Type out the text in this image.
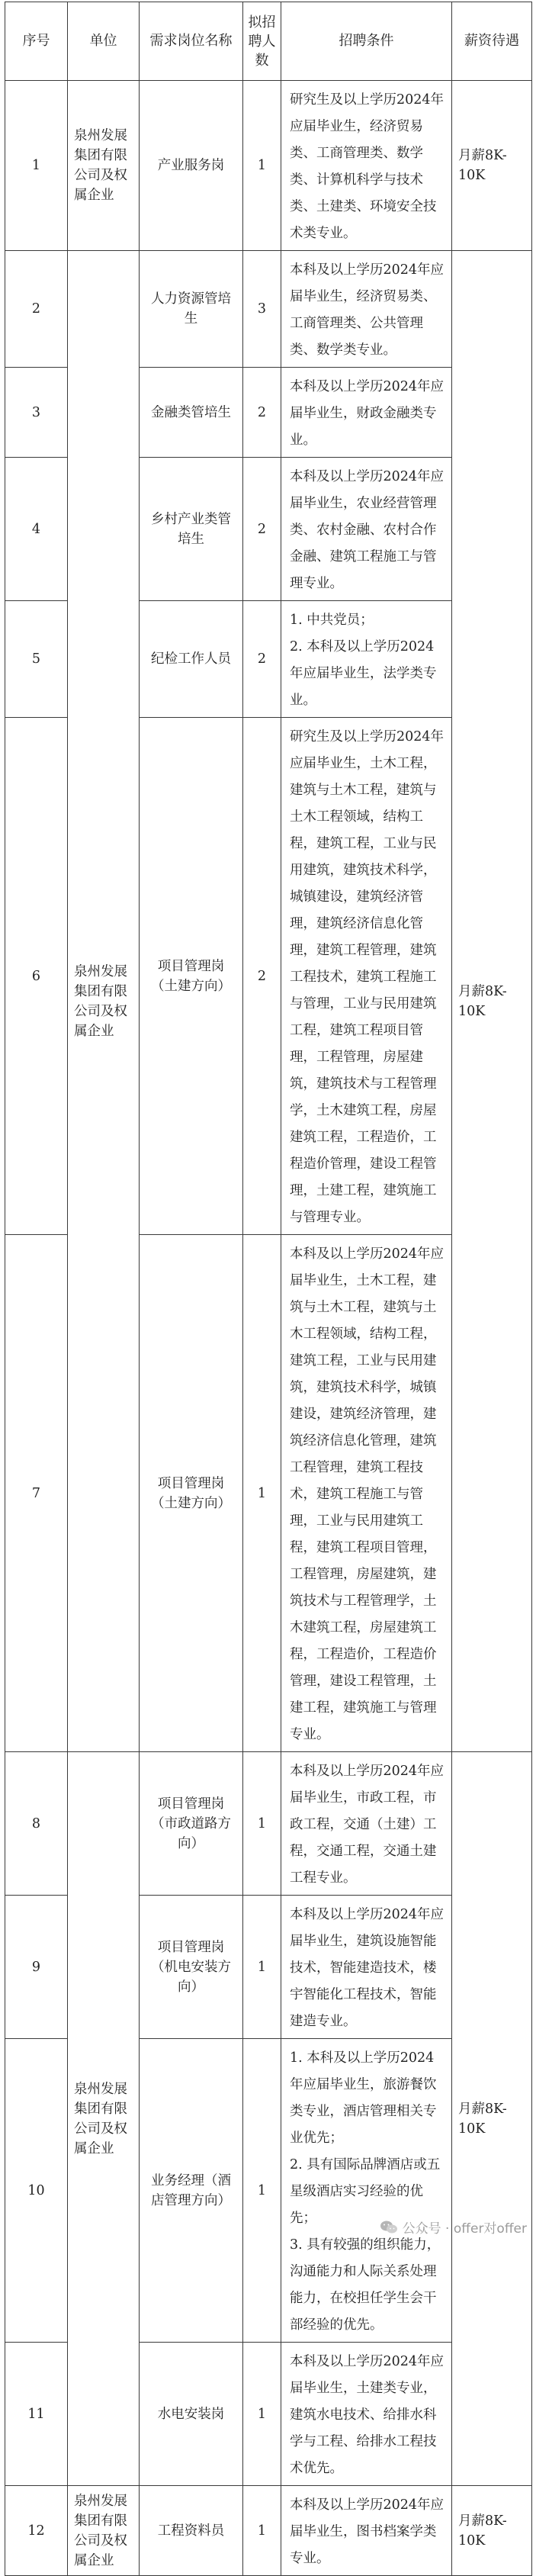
序号	单位	需求岗位名称	拟招聘人数	招聘条件	薪资待遇
1	泉州发展集团有限公司及权属企业	产业服务岗	1	研究生及以上学历2024年应届毕业生，经济贸易类、工商管理类、数学类、计算机科学与技术类、土建类、环境安全技术类专业。	月薪8K-10K

2	泉州发展集团有限公司及权属企业	人力资源管培生	3	本科及以上学历2024年应届毕业生，经济贸易类、工商管理类、公共管理类、数学类专业。	月薪8K-10K

3		金融类管培生	2	本科及以上学历2024年应届毕业生，财政金融类专业。	

4		乡村产业类管培生	2	本科及以上学历2024年应届毕业生，农业经营管理类、农村金融、农村合作金融、建筑工程施工与管理专业。	

5		纪检工作人员	2	1. 中共党员；
2. 本科及以上学历2024年应届毕业生，法学类专业。	

6		项目管理岗（土建方向）	2	研究生及以上学历2024年应届毕业生，土木工程，建筑与土木工程，建筑与土木工程领域，结构工程，建筑工程，工业与民用建筑，建筑技术科学，城镇建设，建筑经济管理，建筑经济信息化管理，建筑工程管理，建筑工程技术，建筑工程施工与管理，工业与民用建筑工程，建筑工程项目管理，工程管理，房屋建筑，建筑技术与工程管理学，土木建筑工程，房屋建筑工程，工程造价，工程造价管理，建设工程管理，土建工程，建筑施工与管理专业。	

7		项目管理岗（土建方向）	1	本科及以上学历2024年应届毕业生，土木工程，建筑与土木工程，建筑与土木工程领域，结构工程，建筑工程，工业与民用建筑，建筑技术科学，城镇建设，建筑经济管理，建筑经济信息化管理，建筑工程管理，建筑工程技术，建筑工程施工与管理，工业与民用建筑工程，建筑工程项目管理，工程管理，房屋建筑，建筑技术与工程管理学，土木建筑工程，房屋建筑工程，工程造价，工程造价管理，建设工程管理，土建工程，建筑施工与管理专业。	

8	泉州发展集团有限公司及权属企业	项目管理岗（市政道路方向）	1	本科及以上学历2024年应届毕业生，市政工程，市政工程，交通（土建）工程，交通工程，交通土建工程专业。	月薪8K-10K

9		项目管理岗（机电安装方向）	1	本科及以上学历2024年应届毕业生，建筑设施智能技术，智能建造技术，楼宇智能化工程技术，智能建造专业。	

10		业务经理（酒店管理方向）	1	1. 本科及以上学历2024年应届毕业生，旅游餐饮类专业，酒店管理相关专业优先；
2. 具有国际品牌酒店或五星级酒店实习经验的优先；
3. 具有较强的组织能力，沟通能力和人际关系处理能力，在校担任学生会干部经验的优先。	

11		水电安装岗	1	本科及以上学历2024年应届毕业生，土建类专业，建筑水电技术、给排水科学与工程、给排水工程技术优先。	

12	泉州发展集团有限公司及权属企业	工程资料员	1	本科及以上学历2024年应届毕业生，图书档案学类专业。	月薪8K-10K
公众号 · offer对offer
